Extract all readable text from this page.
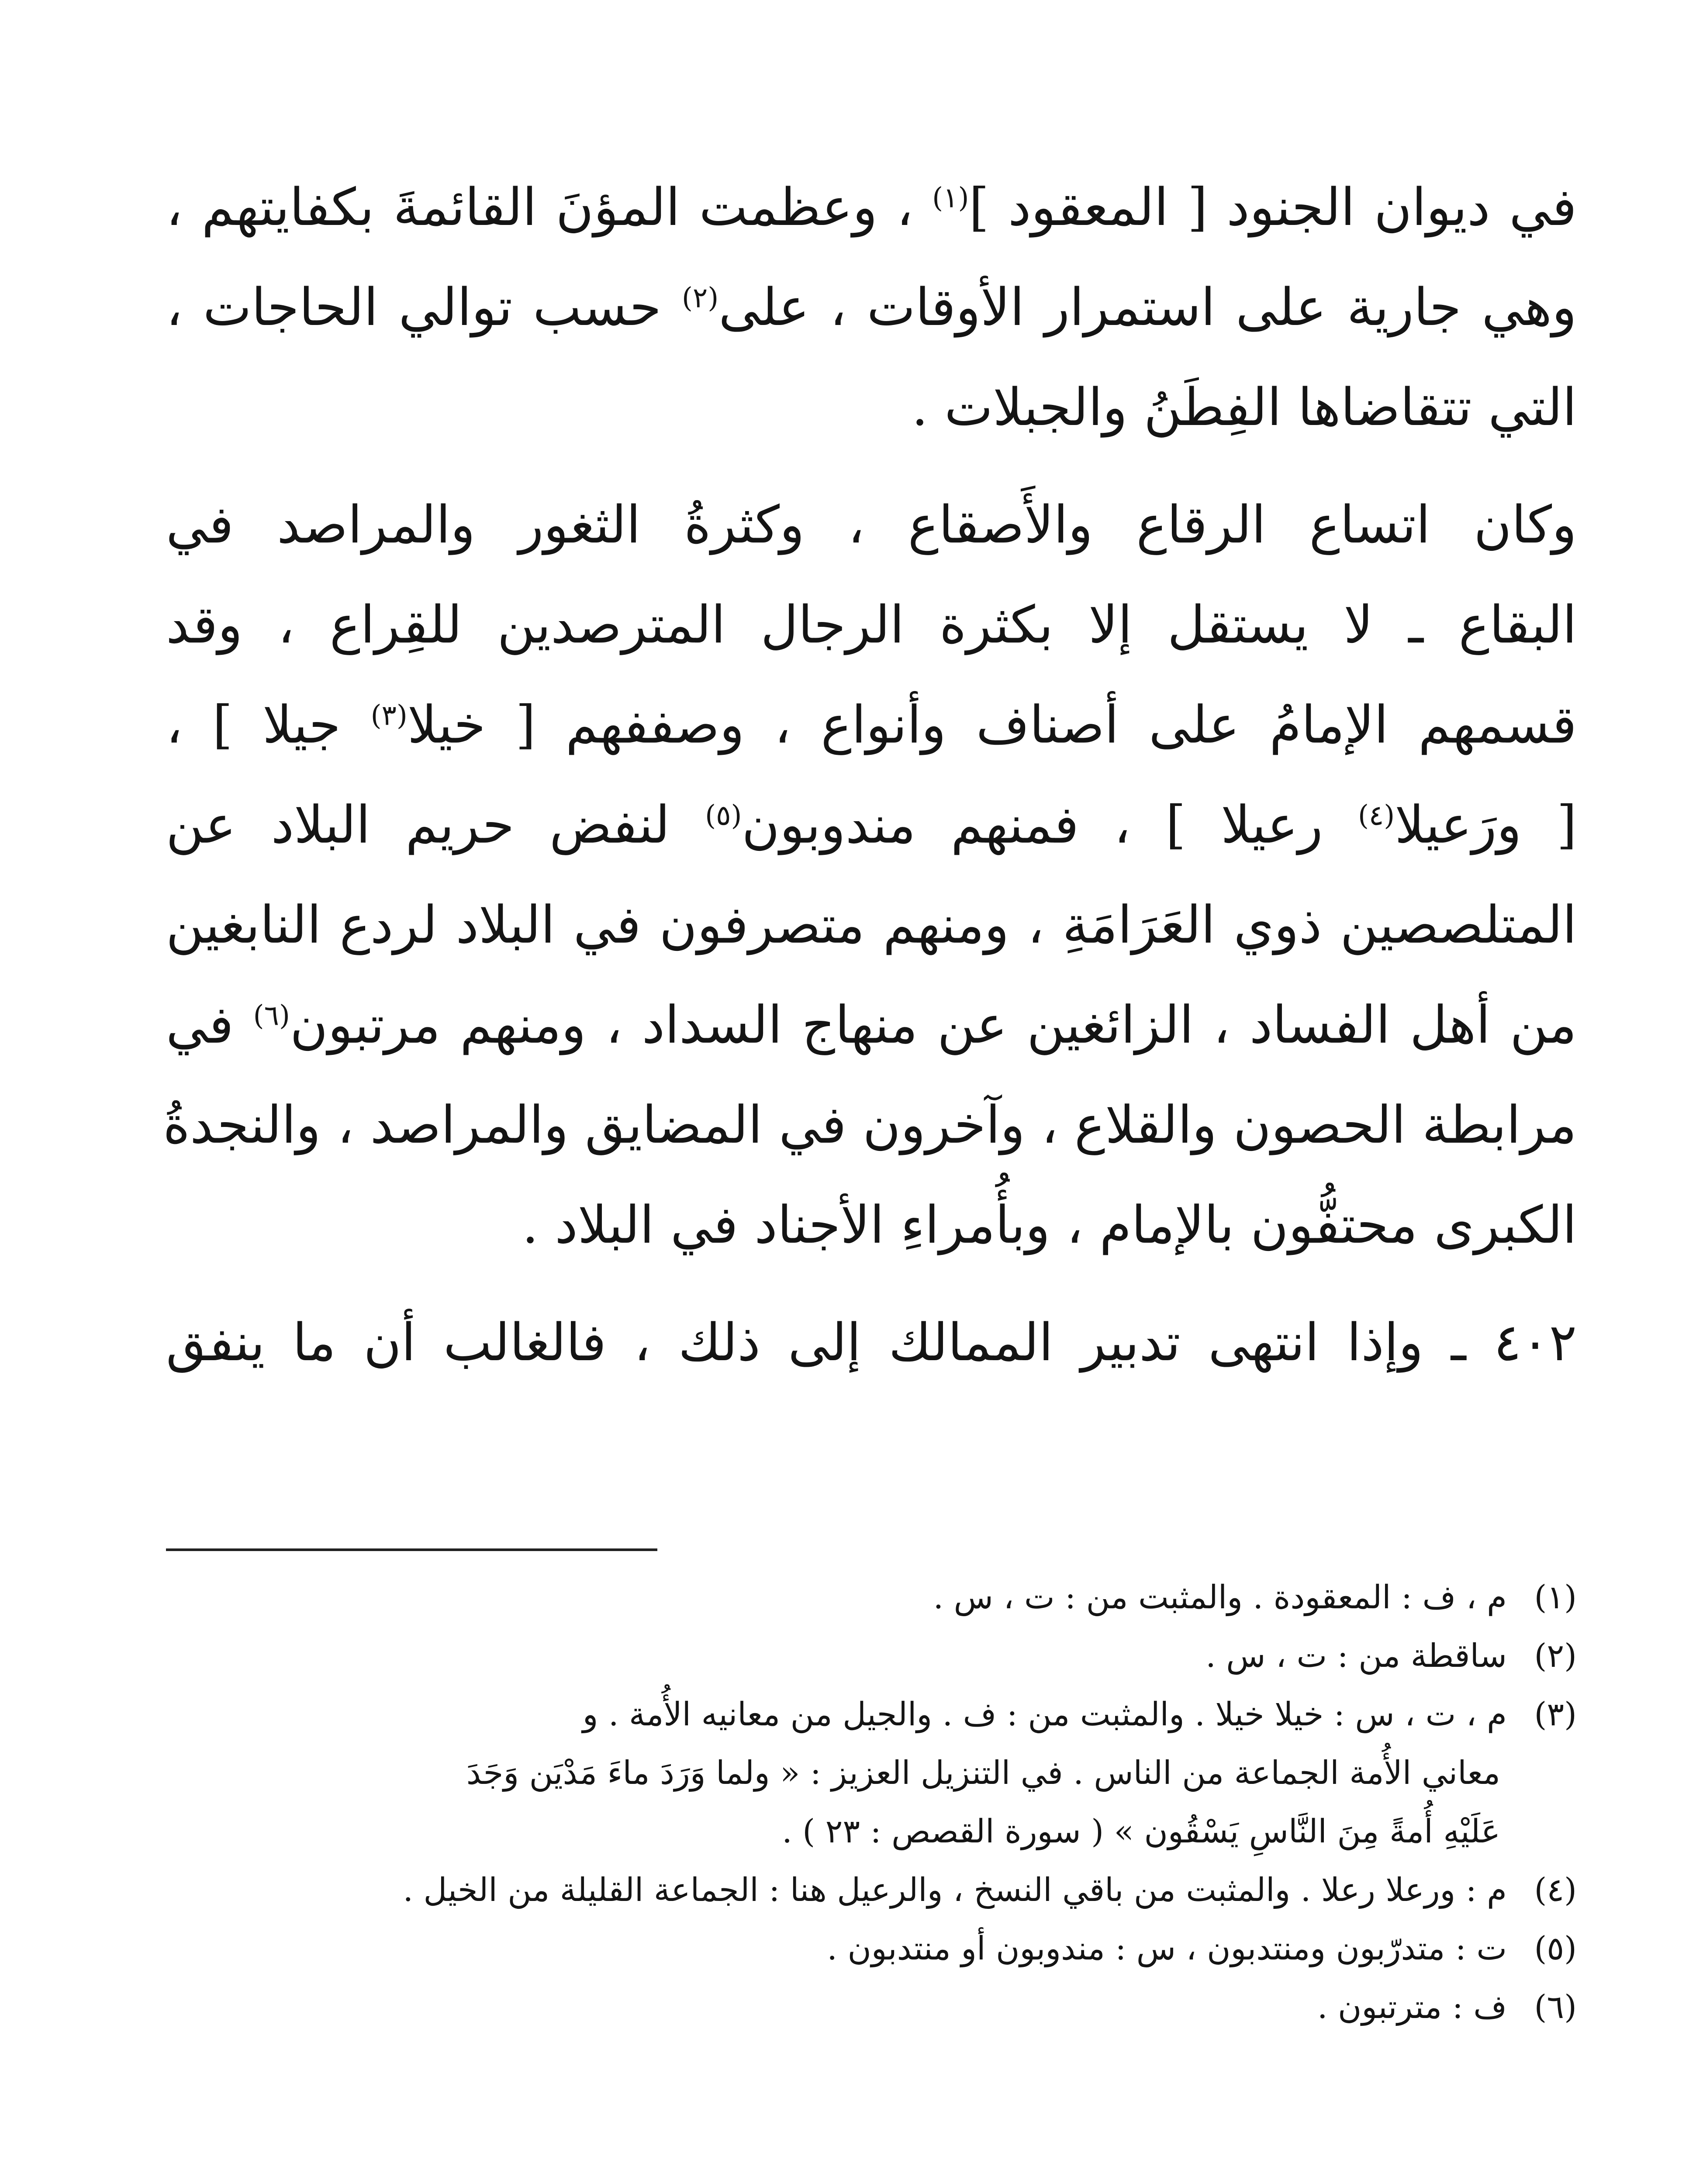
في ديوان الجنود [ المعقود ]$^{(١)}$ ، وعظمت المؤنَ القائمةَ بكفايتهم ،
وهي جارية على استمرار الأوقات ، على$^{(٢)}$ حسب توالي الحاجات ،
التي تتقاضاها الفِطَنُ والجبلات .
وكان اتساع الرقاع والأَصقاع ، وكثرةُ الثغور والمراصد في
البقاع ـ لا يستقل إلا بكثرة الرجال المترصدين للقِراع ، وقد
قسمهم الإمامُ على أصناف وأنواع ، وصففهم [ خيلا$^{(٣)}$ جيلا ] ،
[ ورَعيلا$^{(٤)}$ رعيلا ] ، فمنهم مندوبون$^{(٥)}$ لنفض حريم البلاد عن
المتلصصين ذوي العَرَامَةِ ، ومنهم متصرفون في البلاد لردع النابغين
من أهل الفساد ، الزائغين عن منهاج السداد ، ومنهم مرتبون$^{(٦)}$ في
مرابطة الحصون والقلاع ، وآخرون في المضايق والمراصد ، والنجدةُ
الكبرى محتفُّون بالإمام ، وبأُمراءِ الأجناد في البلاد .
٤٠٢ ـ وإذا انتهى تدبير الممالك إلى ذلك ، فالغالب أن ما ينفق
(١)م ، ف : المعقودة . والمثبت من : ت ، س .
(٢)ساقطة من : ت ، س .
(٣)م ، ت ، س : خيلا خيلا . والمثبت من : ف . والجيل من معانيه الأُمة . و
معاني الأُمة الجماعة من الناس . في التنزيل العزيز : « ولما وَرَدَ ماءَ مَدْيَن وَجَدَ
عَلَيْهِ أُمةً مِنَ النَّاسِ يَسْقُون » ( سورة القصص : ٢٣ ) .
(٤)م : ورعلا رعلا . والمثبت من باقي النسخ ، والرعيل هنا : الجماعة القليلة من الخيل .
(٥)ت : متدرّبون ومنتدبون ، س : مندوبون أو منتدبون .
(٦)ف : مترتبون .
